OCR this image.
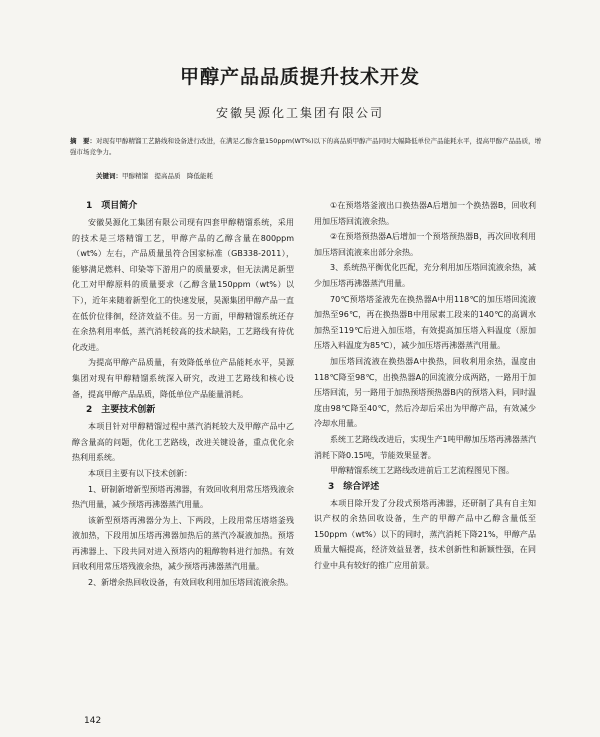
甲醇产品品质提升技术开发
安徽昊源化工集团有限公司
摘　要：对现有甲醇精馏工艺路线和设备进行改进，在满足乙醇含量150ppm(WT%)以下的高品质甲醇产品同时大幅降低单位产品能耗水平，提高甲醇产品品质，增强市场竞争力。
关键词：甲醇精馏　提高品质　降低能耗
1　项目简介

安徽昊源化工集团有限公司现有四套甲醇精馏系统，采用的技术是三塔精馏工艺，甲醇产品的乙醇含量在800ppm（wt%）左右，产品质量虽符合国家标准（GB338-2011），能够满足燃料、印染等下游用户的质量要求，但无法满足新型化工对甲醇原料的质量要求（乙醇含量150ppm（wt%）以下），近年来随着新型化工的快速发展，昊源集团甲醇产品一直在低价位徘徊，经济效益不佳。另一方面，甲醇精馏系统还存在余热利用率低，蒸汽消耗较高的技术缺陷，工艺路线有待优化改进。

为提高甲醇产品质量，有效降低单位产品能耗水平，昊源集团对现有甲醇精馏系统深入研究，改进工艺路线和核心设备，提高甲醇产品品质，降低单位产品能量消耗。

2　主要技术创新

本项目针对甲醇精馏过程中蒸汽消耗较大及甲醇产品中乙醇含量高的问题，优化工艺路线，改进关键设备，重点优化余热利用系统。

本项目主要有以下技术创新：

1、研制新增新型预塔再沸器，有效回收利用常压塔残液余热汽用量，减少预塔再沸器蒸汽用量。

该新型预塔再沸器分为上、下两段，上段用常压塔塔釜残液加热，下段用加压塔再沸器加热后的蒸汽冷凝液加热。预塔再沸器上、下段共同对进入预塔内的粗醇物料进行加热。有效回收利用常压塔残液余热，减少预塔再沸器蒸汽用量。

2、新增余热回收设备，有效回收利用加压塔回流液余热。

①在预塔塔釜液出口换热器A后增加一个换热器B，回收利用加压塔回流液余热。

②在预塔预热器A后增加一个预塔预热器B，再次回收利用加压塔回流液来出部分余热。

3、系统热平衡优化匹配，充分利用加压塔回流液余热，减少加压塔再沸器蒸汽用量。

70℃预塔塔釜液先在换热器A中用118℃的加压塔回流液加热至96℃，再在换热器B中用尿素工段来的140℃的高调水加热至119℃后进入加压塔，有效提高加压塔入料温度（原加压塔入料温度为85℃），减少加压塔再沸器蒸汽用量。

加压塔回流液在换热器A中换热，回收利用余热，温度由118℃降至98℃，出换热器A的回流液分成两路，一路用于加压塔回流，另一路用于加热预塔预热器B内的预塔入料，同时温度由98℃降至40℃，然后冷却后采出为甲醇产品，有效减少冷却水用量。

系统工艺路线改进后，实现生产1吨甲醇加压塔再沸器蒸汽消耗下降0.15吨，节能效果显著。

甲醇精馏系统工艺路线改进前后工艺流程图见下图。

3　综合评述

本项目除开发了分段式预塔再沸器，还研制了具有自主知识产权的余热回收设备，生产的甲醇产品中乙醇含量低至150ppm（wt%）以下的同时，蒸汽消耗下降21%，甲醇产品质量大幅提高，经济效益显著，技术创新性和新颖性强，在同行业中具有较好的推广应用前景。

142
